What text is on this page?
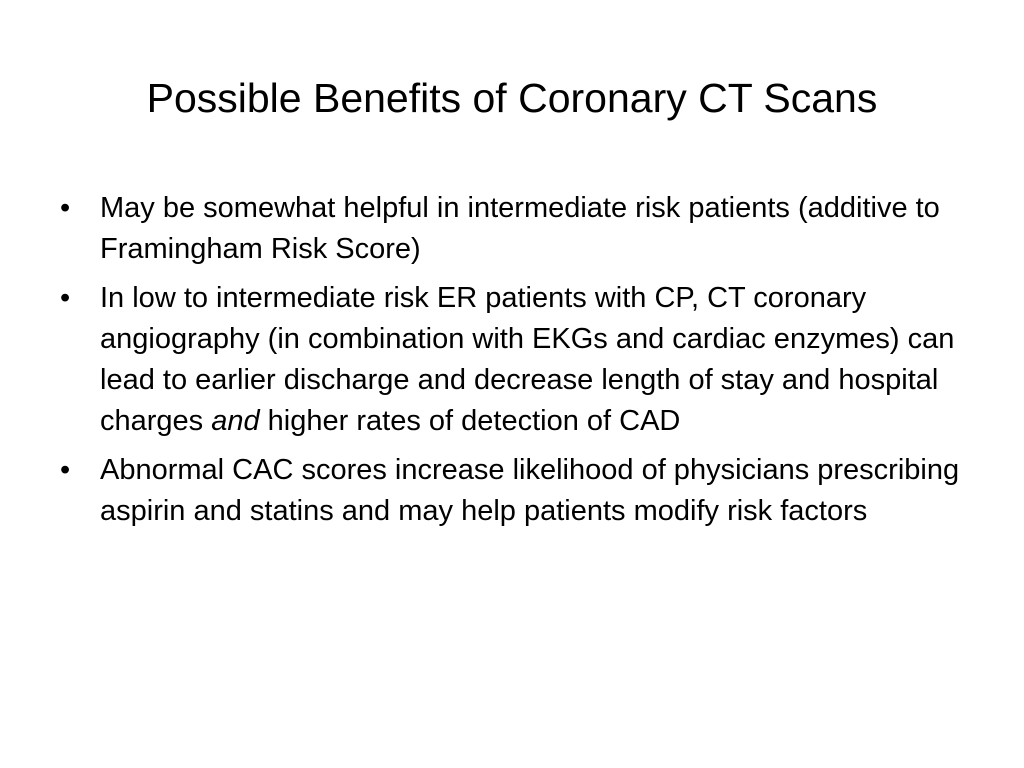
Possible Benefits of Coronary CT Scans
•	May be somewhat helpful in intermediate risk patients (additive to Framingham Risk Score)
•	In low to intermediate risk ER patients with CP, CT coronary angiography (in combination with EKGs and cardiac enzymes) can lead to earlier discharge and decrease length of stay and hospital charges and higher rates of detection of CAD
•	Abnormal CAC scores increase likelihood of physicians prescribing aspirin and statins and may help patients modify risk factors
